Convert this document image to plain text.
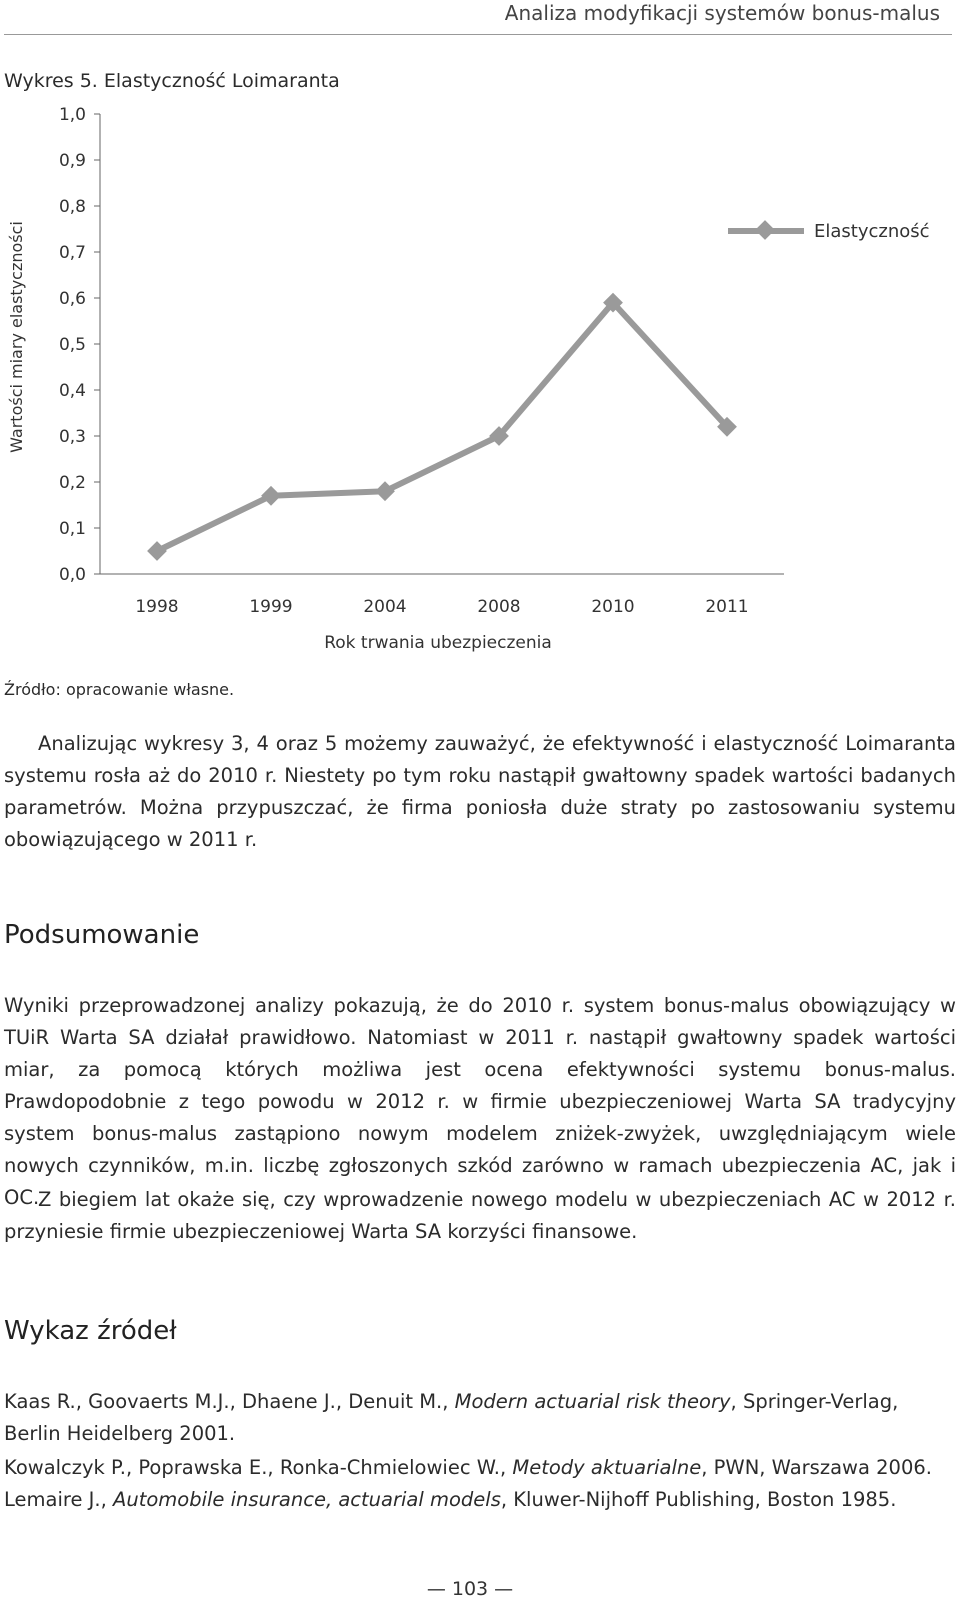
Analiza modyfikacji systemów bonus-malus
Wykres 5. Elastyczność Loimaranta
Wartości miary elastyczności
0,0
0,1
0,2
0,3
0,4
0,5
0,6
0,7
0,8
0,9
1,0
1998	1999	2004	2008	2010	2011
Rok trwania ubezpieczenia
Elastyczność
Źródło: opracowanie własne.

Analizując wykresy 3, 4 oraz 5 możemy zauważyć, że efektywność i elastyczność Loimaranta systemu rosła aż do 2010 r. Niestety po tym roku nastąpił gwałtowny spadek wartości badanych parametrów. Można przypuszczać, że firma poniosła duże straty po zastosowaniu systemu obowiązującego w 2011 r.

Podsumowanie

Wyniki przeprowadzonej analizy pokazują, że do 2010 r. system bonus-malus obowiązujący w TUiR Warta SA działał prawidłowo. Natomiast w 2011 r. nastąpił gwałtowny spadek wartości miar, za pomocą których możliwa jest ocena efektywności systemu bonus-malus. Prawdopodobnie z tego powodu w 2012 r. w firmie ubezpieczeniowej Warta SA tradycyjny system bonus-malus zastąpiono nowym modelem zniżek-zwyżek, uwzględniającym wiele nowych czynników, m.in. liczbę zgłoszonych szkód zarówno w ramach ubezpieczenia AC, jak i OC.

Z biegiem lat okaże się, czy wprowadzenie nowego modelu w ubezpieczeniach AC w 2012 r. przyniesie firmie ubezpieczeniowej Warta SA korzyści finansowe.

Wykaz źródeł
Kaas R., Goovaerts M.J., Dhaene J., Denuit M., Modern actuarial risk theory, Springer-Verlag, Berlin Heidelberg 2001.
Kowalczyk P., Poprawska E., Ronka-Chmielowiec W., Metody aktuarialne, PWN, Warszawa 2006.
Lemaire J., Automobile insurance, actuarial models, Kluwer-Nijhoff Publishing, Boston 1985.
— 103 —
